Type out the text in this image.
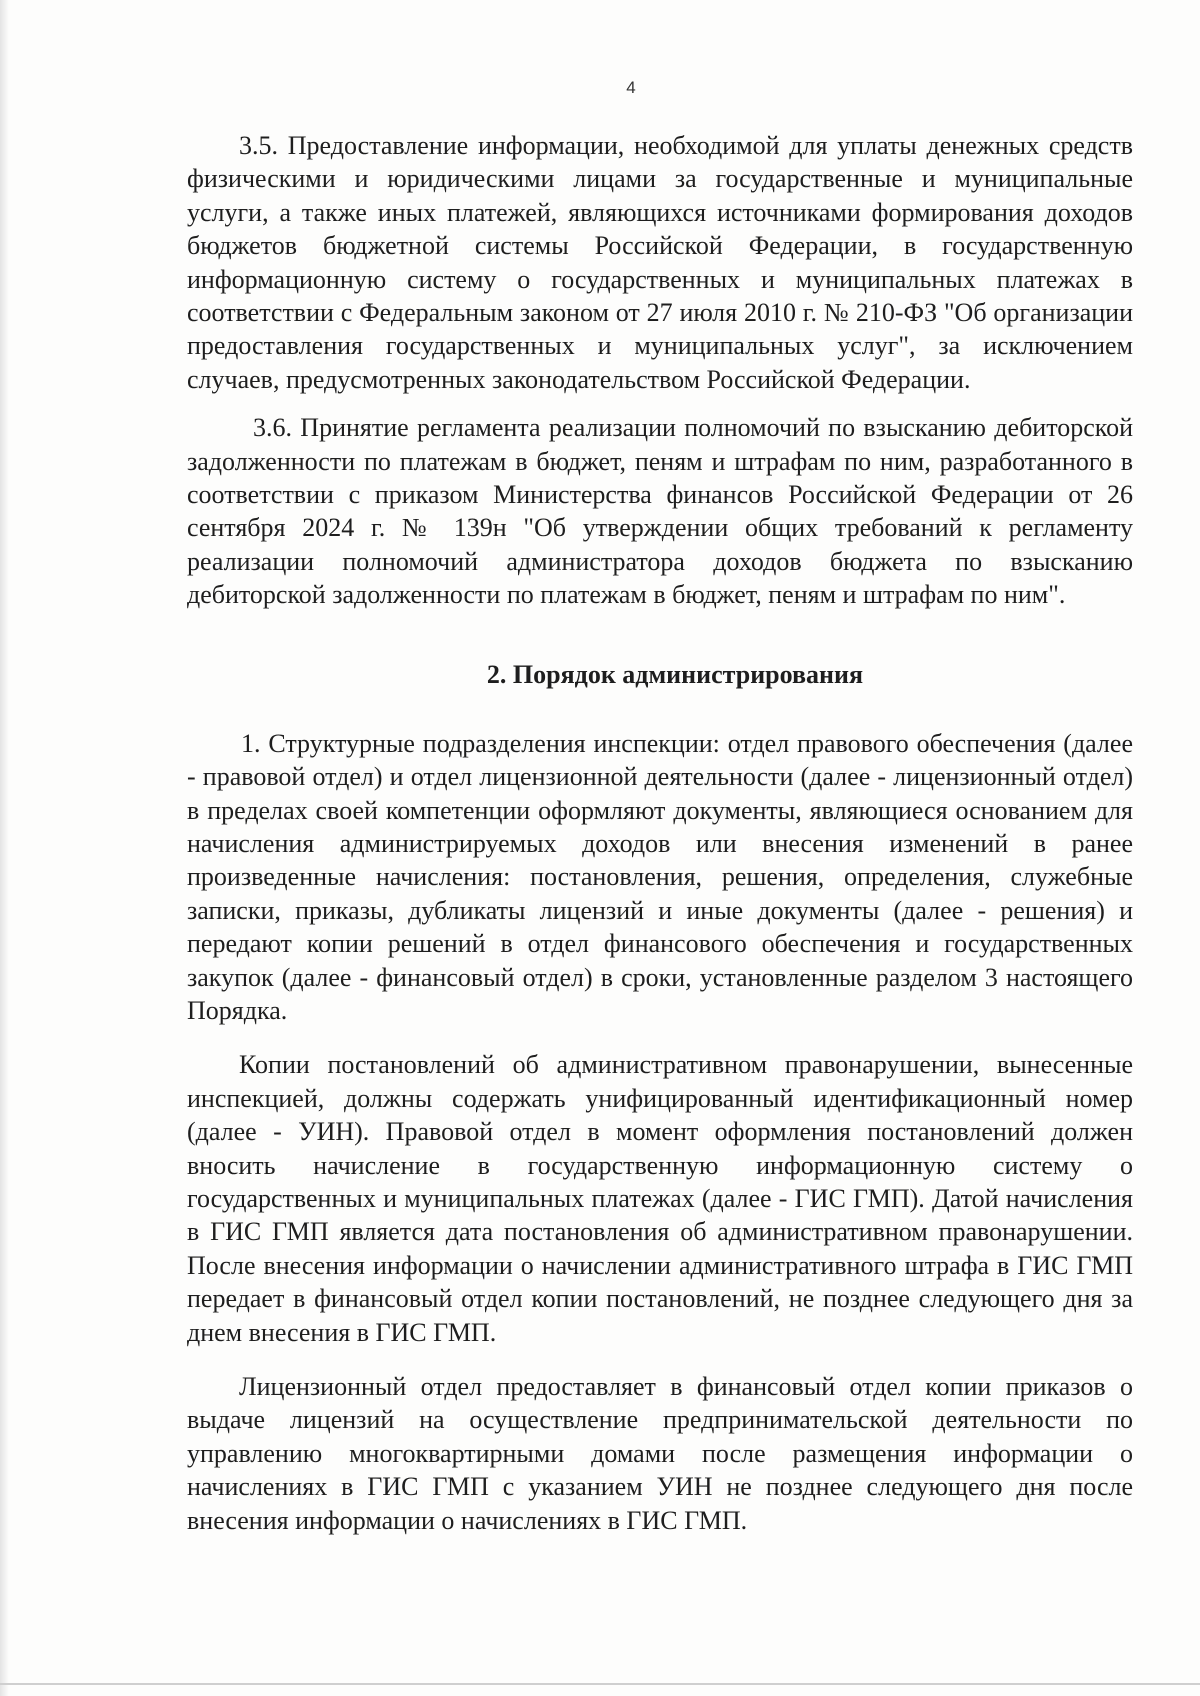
4

3.5. Предоставление информации, необходимой для уплаты денежных средств физическими и юридическими лицами за государственные и муниципальные услуги, а также иных платежей, являющихся источниками формирования доходов бюджетов бюджетной системы Российской Федерации, в государственную информационную систему о государственных и муниципальных платежах в соответствии с Федеральным законом от 27 июля 2010 г. № 210-ФЗ "Об организации предоставления государственных и муниципальных услуг", за исключением случаев, предусмотренных законодательством Российской Федерации.

3.6. Принятие регламента реализации полномочий по взысканию дебиторской задолженности по платежам в бюджет, пеням и штрафам по ним, разработанного в соответствии с приказом Министерства финансов Российской Федерации от 26 сентября 2024 г. № 139н "Об утверждении общих требований к регламенту реализации полномочий администратора доходов бюджета по взысканию дебиторской задолженности по платежам в бюджет, пеням и штрафам по ним".

2. Порядок администрирования

1. Структурные подразделения инспекции: отдел правового обеспечения (далее - правовой отдел) и отдел лицензионной деятельности (далее - лицензионный отдел) в пределах своей компетенции оформляют документы, являющиеся основанием для начисления администрируемых доходов или внесения изменений в ранее произведенные начисления: постановления, решения, определения, служебные записки, приказы, дубликаты лицензий и иные документы (далее - решения) и передают копии решений в отдел финансового обеспечения и государственных закупок (далее - финансовый отдел) в сроки, установленные разделом 3 настоящего Порядка.

Копии постановлений об административном правонарушении, вынесенные инспекцией, должны содержать унифицированный идентификационный номер (далее - УИН). Правовой отдел в момент оформления постановлений должен вносить начисление в государственную информационную систему о государственных и муниципальных платежах (далее - ГИС ГМП). Датой начисления в ГИС ГМП является дата постановления об административном правонарушении. После внесения информации о начислении административного штрафа в ГИС ГМП передает в финансовый отдел копии постановлений, не позднее следующего дня за днем внесения в ГИС ГМП.

Лицензионный отдел предоставляет в финансовый отдел копии приказов о выдаче лицензий на осуществление предпринимательской деятельности по управлению многоквартирными домами после размещения информации о начислениях в ГИС ГМП с указанием УИН не позднее следующего дня после внесения информации о начислениях в ГИС ГМП.
